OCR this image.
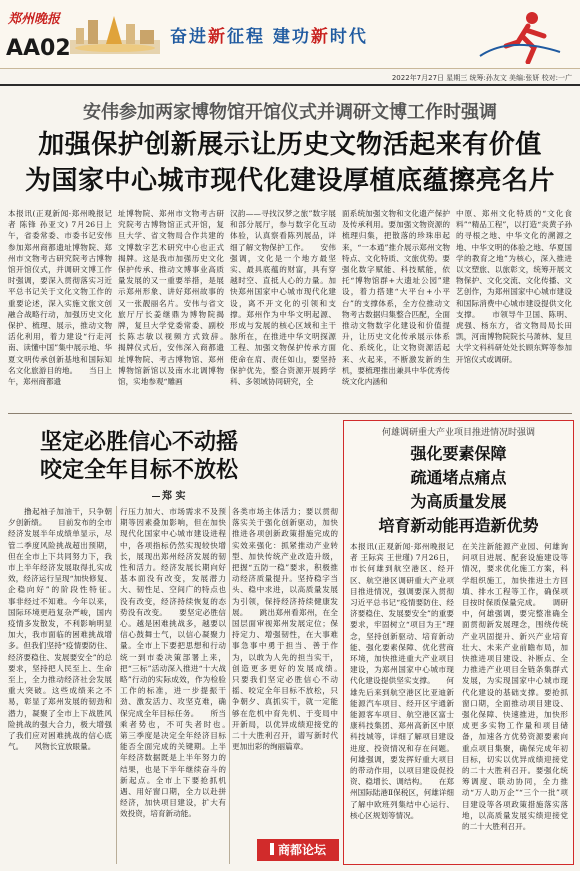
郑州晚报
AA02	奋进新征程 建功新时代
2022年7月27日 星期三 统筹:孙友文 美编:张妍 校对:一广
安伟参加两家博物馆开馆仪式并调研文博工作时强调
加强保护创新展示让历史文物活起来有价值
为国家中心城市现代化建设厚植底蕴擦亮名片
本报讯(正观新闻·郑州晚报记者 陈锋 孙亚文) 7月26日上午，省委常委、市委书记安伟参加郑州商都遗址博物院、郑州市文物考古研究院考古博物馆开馆仪式，并调研文博工作时强调，要深入贯彻落实习近平总书记关于文化文物工作的重要论述，深入实施文旅文创融合战略行动，加强历史文化保护、梳理、展示，推动文物活化利用，着力建设“行走河南、读懂中国”集中展示地、华夏文明传承创新基地和国际知名文化旅游目的地。　　当日上午，郑州商都遗
址博物院、郑州市文物考古研究院考古博物馆正式开馆，复旦大学、省文物局合作共建的文博数字艺术研究中心也正式揭牌。这是我市加强历史文化保护传承、推动文博事业高质量发展的又一重要举措，是展示郑州形象、讲好郑州故事的又一张靓丽名片。安伟与省文旅厅厅长姜继鼎为博物院揭牌，复旦大学党委常委、副校长陈志敏以视频方式致辞。　　揭牌仪式后，安伟深入商都遗址博物院、考古博物馆、郑州博物馆新馆以及南水北调博物馆，实地参观“雕画
汉韵——寻找汉梦之旅”数字展和部分展厅，参与数字化互动体验，认真察看陈列展品，详细了解文物保护工作。　　安伟强调，文化是一个地方最坚实、最具底蕴的财富，具有穿越时空、直抵人心的力量。加快郑州国家中心城市现代化建设，离不开文化的引领和支撑。郑州作为中华文明起源、形成与发展的核心区域和主干脉所在，在推进中华文明探源工程、加强文物保护传承方面使命在肩、责任如山，要坚持保护优先，整合资源开展跨学科、多领域协同研究，全
面系统加强文物和文化遗产保护及传承利用。要加强文物资源的梳理归集，把散落的珍珠串起来，“一本通”推介展示郑州文物特点、文化特质、文旅优势。要强化数字赋能、科技赋能，依托“博物馆群+大遗址公园”建设，着力搭建“大平台+小平台”的支撑体系，全方位推动文物考古数据归集整合匹配，全面推动文物数字化建设和价值提升，让历史文化传承展示体系化、系统化，让文物资源活起来、火起来，不断激发新的生机，要梳理推出兼具中华优秀传统文化内涵和
中原、郑州文化特质的“文化食料”“精品工程”，以打造“炎黄子孙的寻根之地、中华文化的溯源之地、中华文明的体验之地、华夏国学的教育之地”为核心，深入推进以文塑旅、以旅彰文，统筹开展文物保护、文化交流、文化传播、文艺创作，为郑州国家中心城市建设和国际消费中心城市建设提供文化支撑。　　市领导牛卫国、陈明、虎强、杨东方，省文物局局长田凯，河南博物院院长马萧林、复旦大学文科科研处处长顾东辉等参加开馆仪式或调研。
坚定必胜信心不动摇
咬定全年目标不放松
郑 实
　　撸起袖子加油干，只争朝夕创新绩。　　目前发布的全市经济发展半年成绩单显示，尽管二季度风险挑战超出预期，但在全市上下共同努力下，我市上半年经济发展取得扎实成效，经济运行呈现“加快修复、企稳向好”的阶段性特征。　　事非经过不知难。今年以来，国际环境更趋复杂严峻，国内疫情多发散发，不利影响明显加大，我市面临的困难挑战增多。但我们坚持“疫情要防住、经济要稳住、发展要安全”的总要求，坚持把人民至上、生命至上，全力推动经济社会发展重大突破。这些成绩来之不易，彰显了郑州发展的韧劲和潜力，凝聚了全市上下战胜风险挑战的强大合力，极大增强了我们应对困难挑战的信心底气。　　风物长宜放眼量。
行压力加大、市场需求不及预期等因素叠加影响，但在加快现代化国家中心城市建设进程中，各项指标仍然实现较快增长，展现出郑州经济发展的韧性和活力。经济发展长期向好基本面没有改变，发展潜力大、韧性足、空间广的特点也没有改变，经济持续恢复的态势没有改变。　　要坚定必胜信心。越是困难挑战多，越要以信心鼓舞士气，以信心凝聚力量。全市上下要把思想和行动统一到市委决策部署上来，把“三标”活动深入推进“十大战略”行动的实际成效，作为检验工作的标准，进一步提振干劲、激发活力、攻坚克难，确保完成全年目标任务。　　所当乘者势也，不可失者时也。　　第三季度是决定全年经济目标能否全面完成的关键期。上半年经济数据既是上半年努力的结果，也是下半年继续奋斗的新起点。全市上下要抢抓机遇、用好窗口期，全力以赴拼经济，加快项目建设，扩大有效投资，培育新动能。
各类市场主体活力；要以贯彻落实关于强化创新驱动，加快推进各项创新政策措施完成的实效来强化：抓紧推动产业转型、加快传统产业改造升级，把握“五防一稳”要求，积极推动经济质量提升。坚持稳字当头、稳中求进，以高质量发展为引领，保持经济持续健康发展。　　跳出郑州看郑州，在全国层面审视郑州发展定位；保持定力、增强韧性，在大事难事急事中勇于担当、善于作为，以敢为人先的担当实干，创造更多更好的发展成绩。　　只要我们坚定必胜信心不动摇、咬定全年目标不放松，只争朝夕、真抓实干，就一定能够在危机中育先机、于变局中开新局，以优异成绩迎接党的二十大胜利召开，谱写新时代更加出彩的绚丽篇章。
商都论坛
何雄调研重大产业项目推进情况时强调
强化要素保障
疏通堵点痛点
为高质量发展
培育新动能再造新优势
本报讯(正观新闻·郑州晚报记者 王际宾 王世瑾) 7月26日，市长何雄到航空港区、经开区、航空港区调研重大产业项目推进情况，强调要深入贯彻习近平总书记“疫情要防住、经济要稳住、发展要安全”的重要要求，牢固树立“项目为王”理念，坚持创新驱动、培育新动能、强化要素保障、优化营商环境，加快推进重大产业项目建设，为郑州国家中心城市现代化建设提供坚实支撑。　　何雄先后来到航空港区比亚迪新能源汽车项目、经开区宇通新能源客车项目、航空港区富士康科技集团、郑州高新区中原科技城等，详细了解项目建设进度、投资情况和存在问题。何雄强调，要发挥好重大项目的带动作用，以项目建设促投资、稳增长、调结构。　　在郑州国际陆港Ⅱ保税区，何雄详细了解中欧班列集结中心运行、核心区规划等情况。
在关注新能源产业园、何雄询问项目进展、配套设施建设等情况，要求优化施工方案，科学组织施工，加快推进土方回填、排水工程等工作，确保项目按时保质保量完成。　　调研中，何雄强调，要完整准确全面贯彻新发展理念，围绕传统产业巩固提升、新兴产业培育壮大、未来产业前瞻布局，加快推进项目建设、补断点、全力推进产业项目全链条集群式发展，为实现国家中心城市现代化建设的基础支撑。要抢抓窗口期，全面推动项目建设、强化保障、快速推进，加快形成更多实物工作量和项目储备，加速各方优势资源要素向重点项目集聚，确保完成年初目标，切实以优异成绩迎接党的二十大胜利召开。要强化统筹调度、联动协同，全力推动“万人助万企”“三个一批”项目建设等各项政策措施落实落地，以高质量发展实绩迎接党的二十大胜利召开。
